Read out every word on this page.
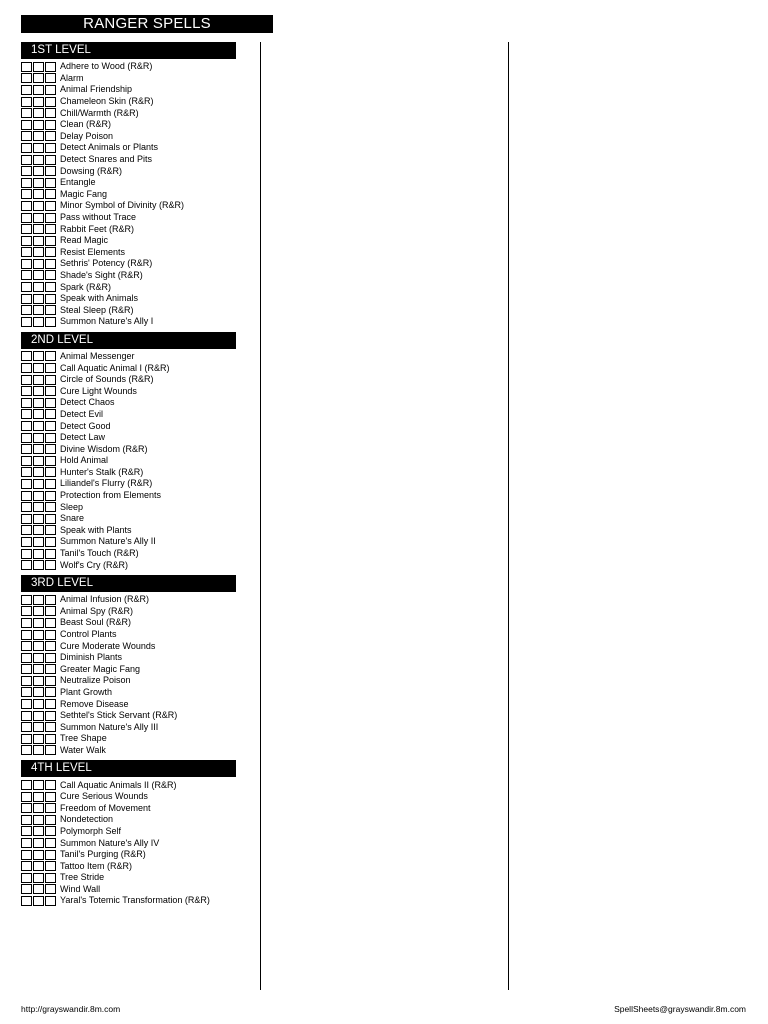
RANGER SPELLS
1ST LEVEL
Adhere to Wood (R&R)
Alarm
Animal Friendship
Chameleon Skin (R&R)
Chill/Warmth (R&R)
Clean (R&R)
Delay Poison
Detect Animals or Plants
Detect Snares and Pits
Dowsing (R&R)
Entangle
Magic Fang
Minor Symbol of Divinity (R&R)
Pass without Trace
Rabbit Feet (R&R)
Read Magic
Resist Elements
Sethris' Potency (R&R)
Shade's Sight (R&R)
Spark (R&R)
Speak with Animals
Steal Sleep (R&R)
Summon Nature's Ally I
2ND LEVEL
Animal Messenger
Call Aquatic Animal I (R&R)
Circle of Sounds (R&R)
Cure Light Wounds
Detect Chaos
Detect Evil
Detect Good
Detect Law
Divine Wisdom (R&R)
Hold Animal
Hunter's Stalk (R&R)
Liliandel's Flurry (R&R)
Protection from Elements
Sleep
Snare
Speak with Plants
Summon Nature's Ally II
Tanil's Touch (R&R)
Wolf's Cry (R&R)
3RD LEVEL
Animal Infusion (R&R)
Animal Spy (R&R)
Beast Soul (R&R)
Control Plants
Cure Moderate Wounds
Diminish Plants
Greater Magic Fang
Neutralize Poison
Plant Growth
Remove Disease
Sethtel's Stick Servant (R&R)
Summon Nature's Ally III
Tree Shape
Water Walk
4TH LEVEL
Call Aquatic Animals II (R&R)
Cure Serious Wounds
Freedom of Movement
Nondetection
Polymorph Self
Summon Nature's Ally IV
Tanil's Purging (R&R)
Tattoo Item (R&R)
Tree Stride
Wind Wall
Yaral's Totemic Transformation (R&R)
http://grayswandir.8m.com	SpellSheets@grayswandir.8m.com
